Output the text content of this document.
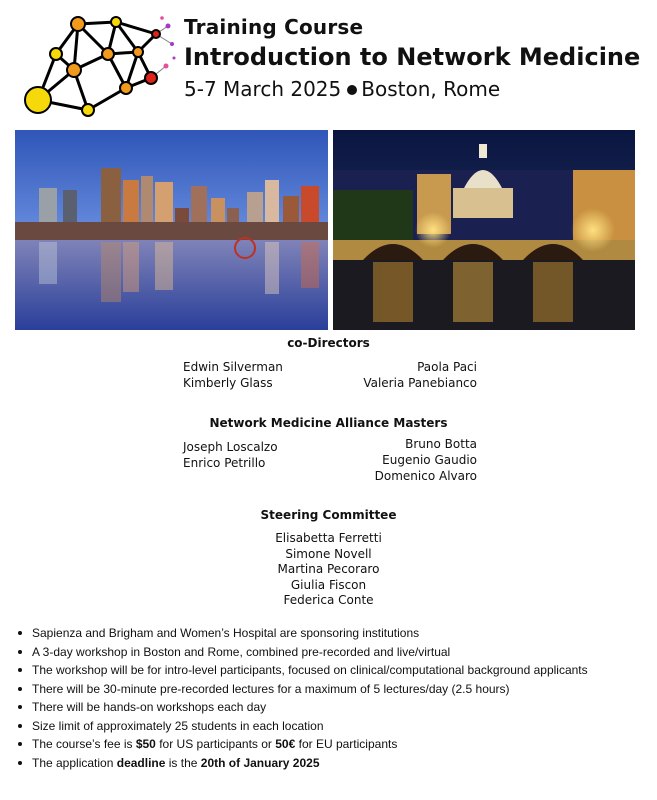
Training Course
Introduction to Network Medicine
5-7 March 2025 Boston, Rome
co-Directors
Edwin Silverman
Kimberly Glass
Paola Paci
Valeria Panebianco
Network Medicine Alliance Masters
Joseph Loscalzo
Enrico Petrillo
Bruno Botta
Eugenio Gaudio
Domenico Alvaro
Steering Committee
Elisabetta Ferretti
Simone Novell
Martina Pecoraro
Giulia Fiscon
Federica Conte
Sapienza and Brigham and Women’s Hospital are sponsoring institutions
A 3-day workshop in Boston and Rome, combined pre-recorded and live/virtual
The workshop will be for intro-level participants, focused on clinical/computational background applicants
There will be 30-minute pre-recorded lectures for a maximum of 5 lectures/day (2.5 hours)
There will be hands-on workshops each day
Size limit of approximately 25 students in each location
The course’s fee is $50 for US participants or 50€ for EU participants
The application deadline is the 20th of January 2025
